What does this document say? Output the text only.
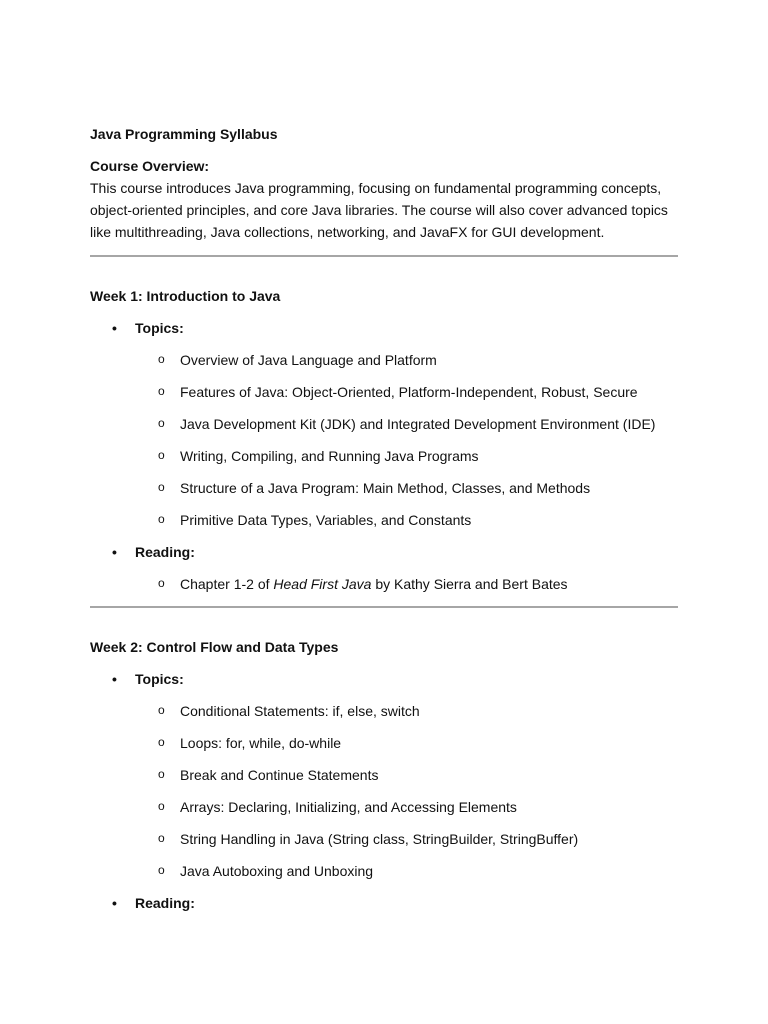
Java Programming Syllabus
Course Overview:

This course introduces Java programming, focusing on fundamental programming concepts, object-oriented principles, and core Java libraries. The course will also cover advanced topics like multithreading, Java collections, networking, and JavaFX for GUI development.

Week 1: Introduction to Java
• Topics:
o Overview of Java Language and Platform
o Features of Java: Object-Oriented, Platform-Independent, Robust, Secure
o Java Development Kit (JDK) and Integrated Development Environment (IDE)
o Writing, Compiling, and Running Java Programs
o Structure of a Java Program: Main Method, Classes, and Methods
o Primitive Data Types, Variables, and Constants
• Reading:
o Chapter 1-2 of Head First Java by Kathy Sierra and Bert Bates
Week 2: Control Flow and Data Types
• Topics:
o Conditional Statements: if, else, switch
o Loops: for, while, do-while
o Break and Continue Statements
o Arrays: Declaring, Initializing, and Accessing Elements
o String Handling in Java (String class, StringBuilder, StringBuffer)
o Java Autoboxing and Unboxing
• Reading:
